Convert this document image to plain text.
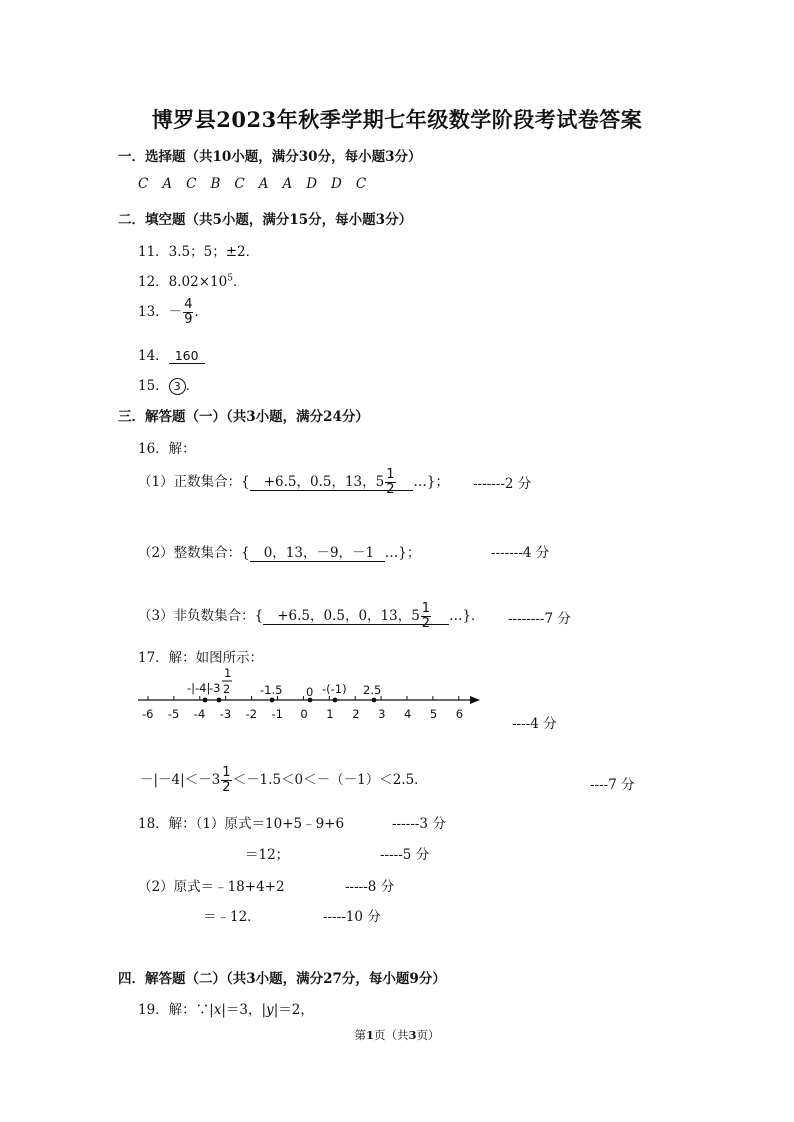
博罗县2023年秋季学期七年级数学阶段考试卷答案
一．选择题（共10小题，满分30分，每小题3分）
C A C B C A A D D C
二．填空题（共5小题，满分15分，每小题3分）
11．3.5；5；±2．
12．$8.02\times 10^5$．
13．－ $\frac{4}{9}$ ．
14． 160
15． 3 ．
三．解答题（一）（共3小题，满分24分）
16．解：
（1）正数集合：{ +6.5，0.5，13，$5 \frac{1}{2}$ …}； -------2 分
（2）整数集合：{ 0，13，－9，－1 …}；	-------4 分
（3）非负数集合：{ +6.5，0.5，0，13，$5 \frac{1}{2}$ …}． --------7 分
17．解：如图所示：
-6 -5 -4 -3 -2 -1 0 1 2 3 4 5 6
-|-4|
-3
1
2	-1.5 0 -(-1) 2.5
----4 分
$-|-4|<-3 \frac{1}{2} <-1.5<0<-(-1)<2.5$．	----7 分
18．解：（1）原式＝10+5﹣9+6	------3 分
＝12；	-----5 分
（2）原式＝﹣18+4+2	-----8 分
＝﹣12．	-----10 分
四．解答题（二）（共3小题，满分27分，每小题9分）
19．解：∵|x|＝3，|y|＝2，
第1页（共3页）
